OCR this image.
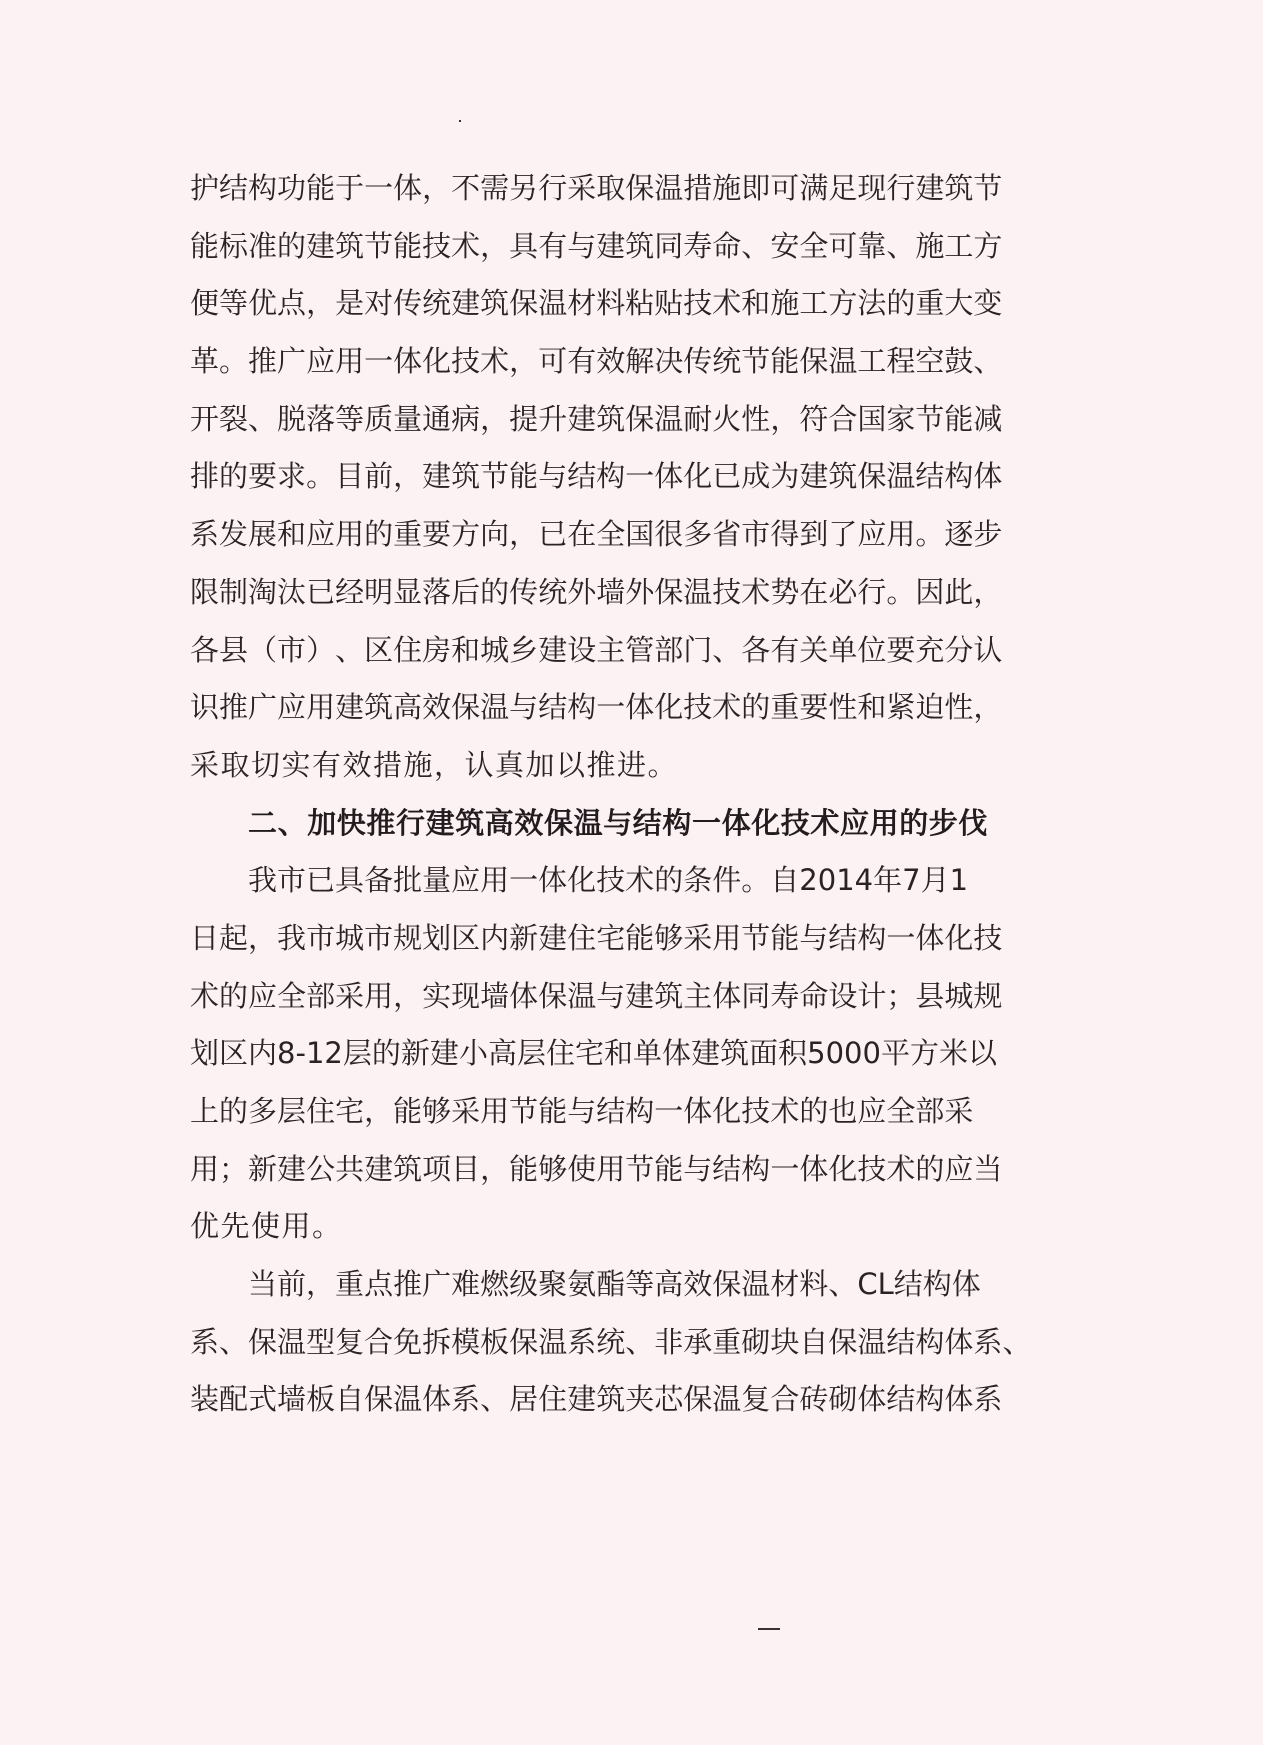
护 结 构 功 能 于 一 体 ， 不 需 另 行 采 取 保 温 措 施 即 可 满 足 现 行 建 筑 节
能 标 准 的 建 筑 节 能 技 术 ， 具 有 与 建 筑 同 寿 命 、 安 全 可 靠 、 施 工 方
便 等 优 点 ， 是 对 传 统 建 筑 保 温 材 料 粘 贴 技 术 和 施 工 方 法 的 重 大 变
革 。 推 广 应 用 一 体 化 技 术 ， 可 有 效 解 决 传 统 节 能 保 温 工 程 空 鼓 、
开 裂 、 脱 落 等 质 量 通 病 ， 提 升 建 筑 保 温 耐 火 性 ， 符 合 国 家 节 能 减
排 的 要 求 。 目 前 ， 建 筑 节 能 与 结 构 一 体 化 已 成 为 建 筑 保 温 结 构 体
系 发 展 和 应 用 的 重 要 方 向 ， 已 在 全 国 很 多 省 市 得 到 了 应 用 。 逐 步
限 制 淘 汰 已 经 明 显 落 后 的 传 统 外 墙 外 保 温 技 术 势 在 必 行 。 因 此 ，
各 县 （ 市 ） 、 区 住 房 和 城 乡 建 设 主 管 部 门 、 各 有 关 单 位 要 充 分 认
识 推 广 应 用 建 筑 高 效 保 温 与 结 构 一 体 化 技 术 的 重 要 性 和 紧 迫 性 ，
采取切实有效措施，认真加以推进。
二、加快推行建筑高效保温与结构一体化技术应用的步伐
我 市 已 具 备 批 量 应 用 一 体 化 技 术 的 条 件 。 自 2014 年 7 月 1
日 起 ， 我 市 城 市 规 划 区 内 新 建 住 宅 能 够 采 用 节 能 与 结 构 一 体 化 技
术 的 应 全 部 采 用 ， 实 现 墙 体 保 温 与 建 筑 主 体 同 寿 命 设 计 ； 县 城 规
划 区 内 8-12 层 的 新 建 小 高 层 住 宅 和 单 体 建 筑 面 积 5000 平 方 米 以
上 的 多 层 住 宅 ， 能 够 采 用 节 能 与 结 构 一 体 化 技 术 的 也 应 全 部 采
用 ； 新 建 公 共 建 筑 项 目 ， 能 够 使 用 节 能 与 结 构 一 体 化 技 术 的 应 当
优先使用。
当 前 ， 重 点 推 广 难 燃 级 聚 氨 酯 等 高 效 保 温 材 料 、 CL 结 构 体
系 、 保 温 型 复 合 免 拆 模 板 保 温 系 统 、 非 承 重 砌 块 自 保 温 结 构 体 系 、
装 配 式 墙 板 自 保 温 体 系 、 居 住 建 筑 夹 芯 保 温 复 合 砖 砌 体 结 构 体 系
